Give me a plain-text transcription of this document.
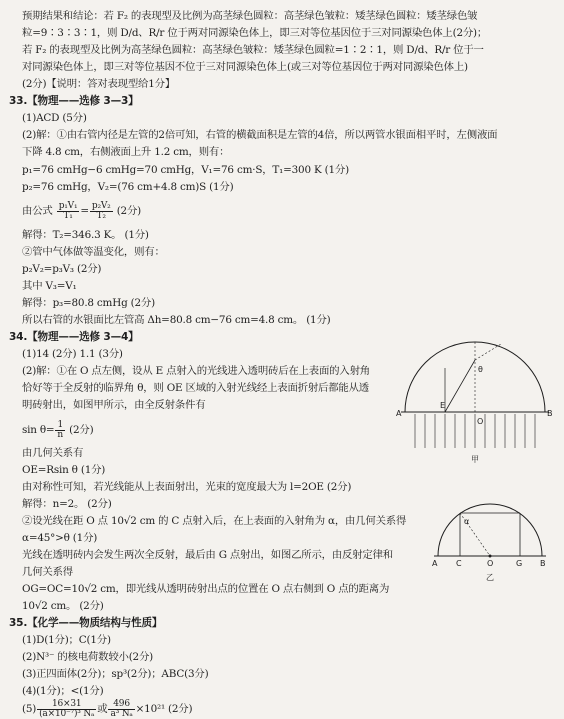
预期结果和结论：若 F₂ 的表现型及比例为高茎绿色圆粒：高茎绿色皱粒：矮茎绿色圆粒：矮茎绿色皱
粒=9∶3∶3∶1，则 D/d、R/r 位于两对同源染色体上，即三对等位基因位于三对同源染色体上(2分)；
若 F₂ 的表现型及比例为高茎绿色圆粒：高茎绿色皱粒：矮茎绿色圆粒=1∶2∶1，则 D/d、R/r 位于一
对同源染色体上，即三对等位基因不位于三对同源染色体上(或三对等位基因位于两对同源染色体上)
(2分)【说明：答对表现型给1分】
33.【物理——选修 3—3】
(1)ACD (5分)
(2)解：①由右管内径是左管的2倍可知，右管的横截面积是左管的4倍，所以两管水银面相平时，左侧液面
下降 4.8 cm，右侧液面上升 1.2 cm，则有：
p₁=76 cmHg−6 cmHg=70 cmHg，V₁=76 cm·S，T₁=300 K (1分)
p₂=76 cmHg，V₂=(76 cm+4.8 cm)S (1分)
由公式 $\frac{\text{p₁V₁}}{\text{T₁}} = \frac{\text{p₂V₂}}{\text{T₂}} (2$分)
解得：T₂=346.3 K。 (1分)
②管中气体做等温变化，则有：
p₂V₂=p₃V₃ (2分)
其中 V₃=V₁
解得：p₃=80.8 cmHg (2分)
所以右管的水银面比左管高 Δh=80.8 cm−76 cm=4.8 cm。 (1分)
34.【物理——选修 3—4】
(1)14 (2分) 1.1 (3分)
(2)解：①在 O 点左侧，设从 E 点射入的光线进入透明砖后在上表面的入射角
恰好等于全反射的临界角 θ，则 OE 区域的入射光线经上表面折射后都能从透
明砖射出，如图甲所示，由全反射条件有
$\sin \theta= \frac{1}{n} (2$分)
由几何关系有
OE=Rsin θ (1分)
由对称性可知，若光线能从上表面射出，光束的宽度最大为 l=2OE (2分)
解得：n=2。 (2分)
②设光线在距 O 点 10√2 cm 的 C 点射入后，在上表面的入射角为 α，由几何关系得
α=45°>θ (1分)
光线在透明砖内会发生两次全反射，最后由 G 点射出，如图乙所示，由反射定律和
几何关系得
OG=OC=10√2 cm，即光线从透明砖射出点的位置在 O 点右侧到 O 点的距离为
10√2 cm。 (2分)
35.【化学——物质结构与性质】
(1)D(1分)；C(1分)
(2)N³⁻ 的核电荷数较小(2分)
(3)正四面体(2分)；sp³(2分)；ABC(3分)
(4)(1分)；<(1分)
$(5) \frac{16\times 31}{\text{(a×10⁻⁷)³ Nₐ}}$ 或 $\frac{496}{\text{a³ Nₐ}} \times 10^{21}$ (2分)
A
E
O
B
θ
甲
A C	O	G B
α
乙
